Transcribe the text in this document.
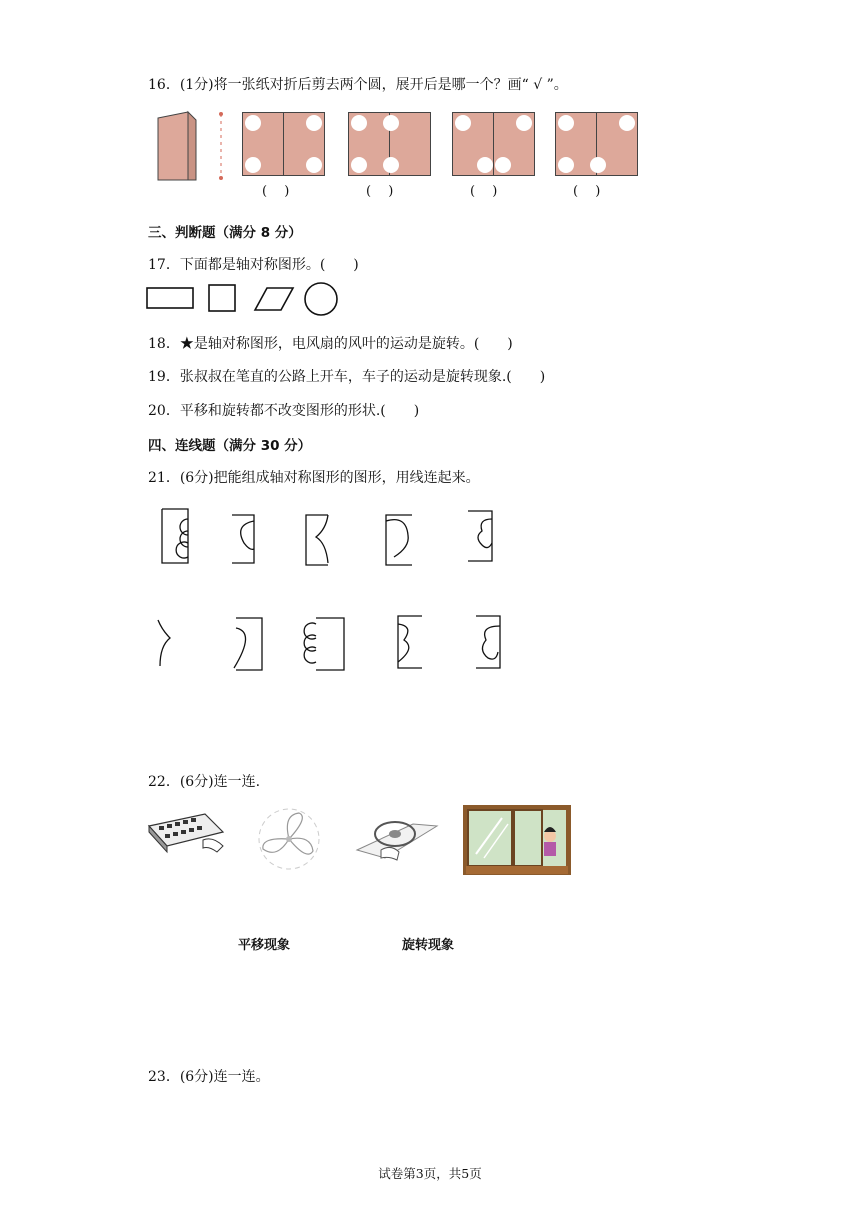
16．(1分)将一张纸对折后剪去两个圆，展开后是哪一个？画“ √ ”。
(　 )	(　 )	(　 )	(　 )
三、判断题（满分 8 分）
17．下面都是轴对称图形。(　　)
18．★是轴对称图形，电风扇的风叶的运动是旋转。(　　)
19．张叔叔在笔直的公路上开车，车子的运动是旋转现象.(　　)
20．平移和旋转都不改变图形的形状.(　　)
四、连线题（满分 30 分）
21．(6分)把能组成轴对称图形的图形，用线连起来。
22．(6分)连一连.
平移现象	旋转现象
23．(6分)连一连。
试卷第3页，共5页
